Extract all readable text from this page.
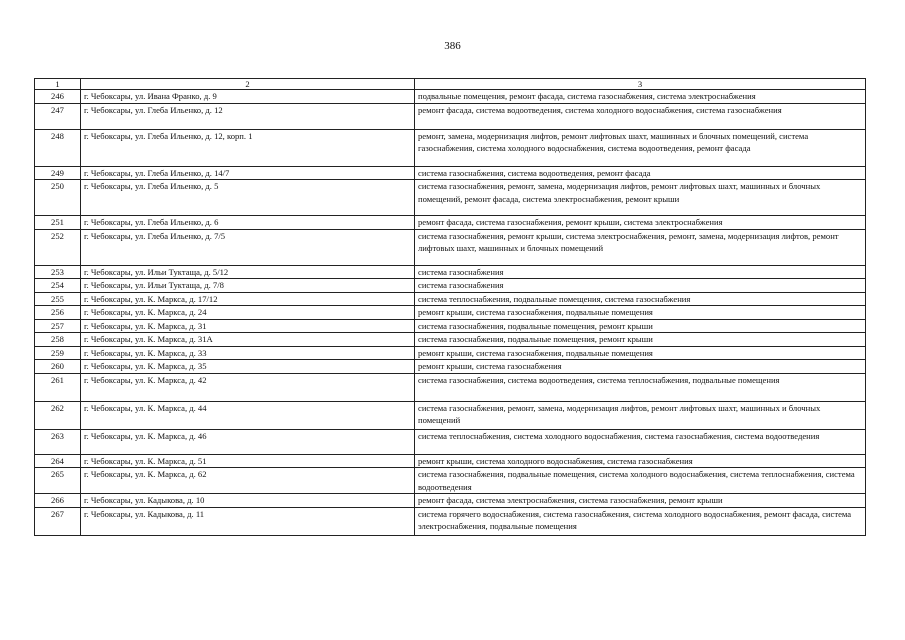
386
1	2	3
246	г. Чебоксары, ул. Ивана Франко, д. 9	подвальные помещения, ремонт фасада, система газоснабжения, система электроснабжения
247	г. Чебоксары, ул. Глеба Ильенко, д. 12	ремонт фасада, система водоотведения, система холодного водоснабжения, система газоснабжения
248	г. Чебоксары, ул. Глеба Ильенко, д. 12, корп. 1	ремонт, замена, модернизация лифтов, ремонт лифтовых шахт, машинных и блочных помещений, система газоснабжения, система холодного водоснабжения, система водоотведения, ремонт фасада
249	г. Чебоксары, ул. Глеба Ильенко, д. 14/7	система газоснабжения, система водоотведения, ремонт фасада
250	г. Чебоксары, ул. Глеба Ильенко, д. 5	система газоснабжения, ремонт, замена, модернизация лифтов, ремонт лифтовых шахт, машинных и блочных помещений, ремонт фасада, система электроснабжения, ремонт крыши
251	г. Чебоксары, ул. Глеба Ильенко, д. 6	ремонт фасада, система газоснабжения, ремонт крыши, система электроснабжения
252	г. Чебоксары, ул. Глеба Ильенко, д. 7/5	система газоснабжения, ремонт крыши, система электроснабжения, ремонт, замена, модернизация лифтов, ремонт лифтовых шахт, машинных и блочных помещений
253	г. Чебоксары, ул. Ильи Туктаща, д. 5/12	система газоснабжения
254	г. Чебоксары, ул. Ильи Туктаща, д. 7/8	система газоснабжения
255	г. Чебоксары, ул. К. Маркса, д. 17/12	система теплоснабжения, подвальные помещения, система газоснабжения
256	г. Чебоксары, ул. К. Маркса, д. 24	ремонт крыши, система газоснабжения, подвальные помещения
257	г. Чебоксары, ул. К. Маркса, д. 31	система газоснабжения, подвальные помещения, ремонт крыши
258	г. Чебоксары, ул. К. Маркса, д. 31А	система газоснабжения, подвальные помещения, ремонт крыши
259	г. Чебоксары, ул. К. Маркса, д. 33	ремонт крыши, система газоснабжения, подвальные помещения
260	г. Чебоксары, ул. К. Маркса, д. 35	ремонт крыши, система газоснабжения
261	г. Чебоксары, ул. К. Маркса, д. 42	система газоснабжения, система водоотведения, система теплоснабжения, подвальные помещения
262	г. Чебоксары, ул. К. Маркса, д. 44	система газоснабжения, ремонт, замена, модернизация лифтов, ремонт лифтовых шахт, машинных и блочных помещений
263	г. Чебоксары, ул. К. Маркса, д. 46	система теплоснабжения, система холодного водоснабжения, система газоснабжения, система водоотведения
264	г. Чебоксары, ул. К. Маркса, д. 51	ремонт крыши, система холодного водоснабжения, система газоснабжения
265	г. Чебоксары, ул. К. Маркса, д. 62	система газоснабжения, подвальные помещения, система холодного водоснабжения, система теплоснабжения, система водоотведения
266	г. Чебоксары, ул. Кадыкова, д. 10	ремонт фасада, система электроснабжения, система газоснабжения, ремонт крыши
267	г. Чебоксары, ул. Кадыкова, д. 11	система горячего водоснабжения, система газоснабжения, система холодного водоснабжения, ремонт фасада, система электроснабжения, подвальные помещения
